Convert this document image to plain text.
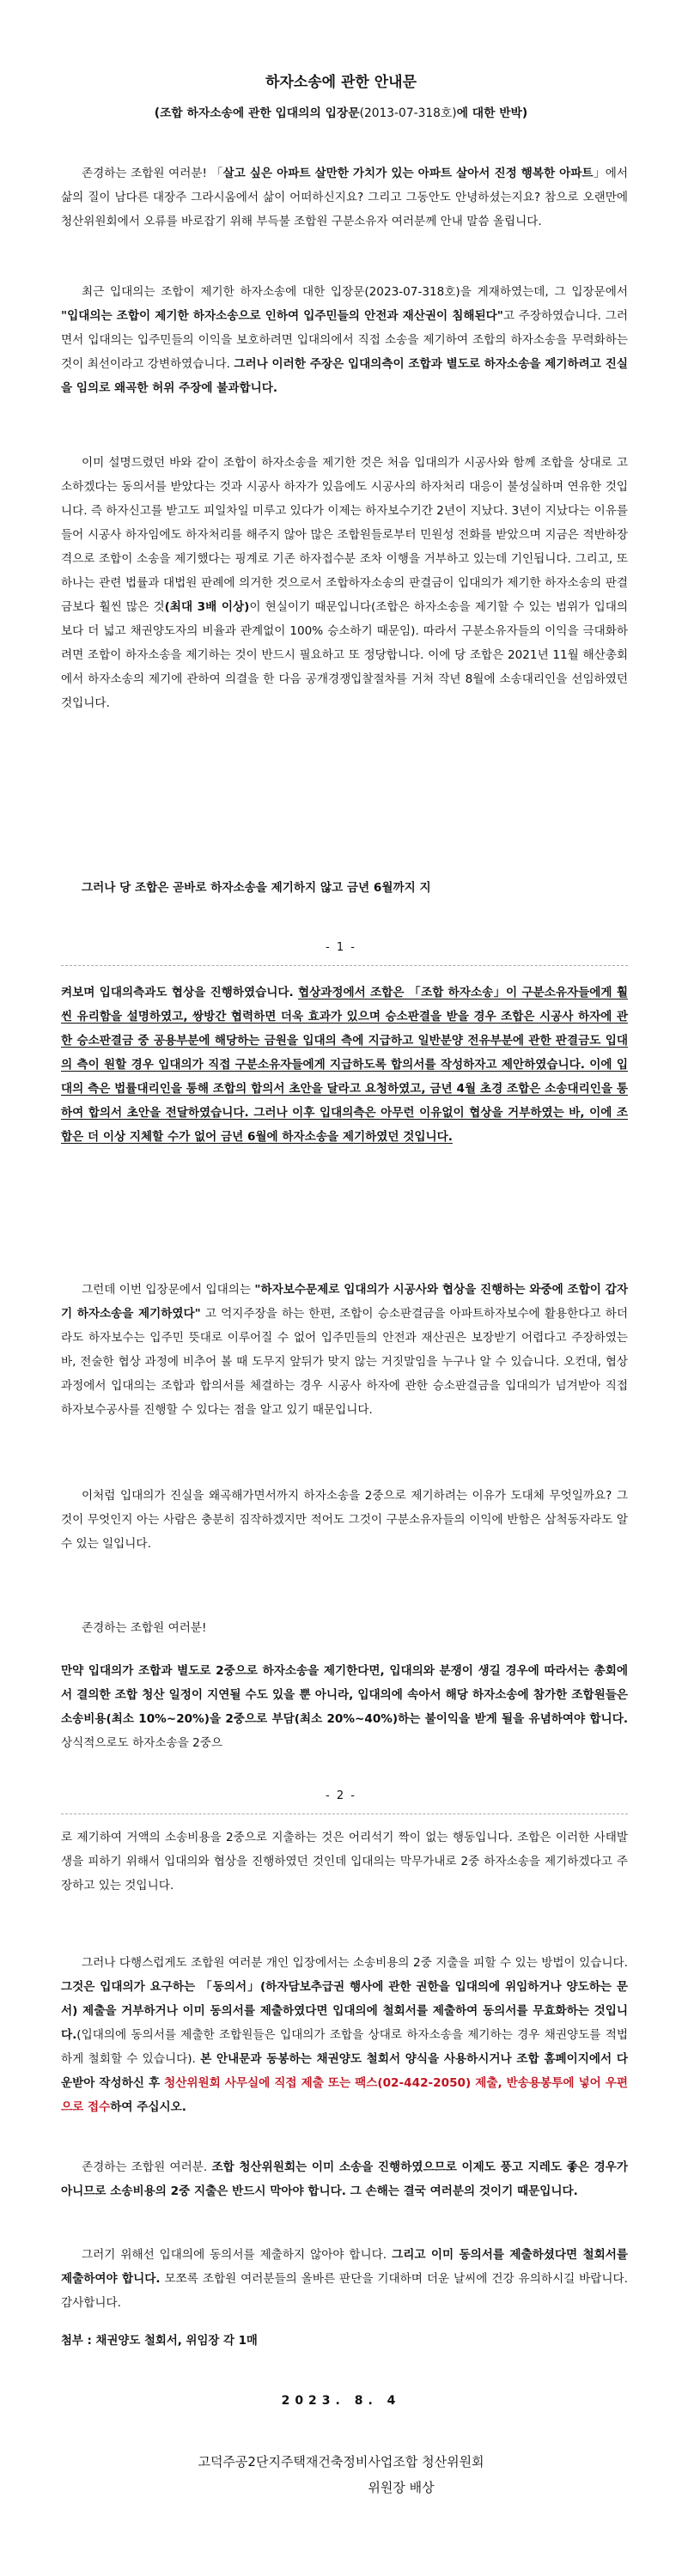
하자소송에 관한 안내문
(조합 하자소송에 관한 입대의의 입장문(2013-07-318호)에 대한 반박)

존경하는 조합원 여러분! 「살고 싶은 아파트 살만한 가치가 있는 아파트 살아서 진정 행복한 아파트」에서 삶의 질이 남다른 대장주 그라시움에서 삶이 어떠하신지요? 그리고 그동안도 안녕하셨는지요? 참으로 오랜만에 청산위원회에서 오류를 바로잡기 위해 부득불 조합원 구분소유자 여러분께 안내 말씀 올립니다.

최근 입대의는 조합이 제기한 하자소송에 대한 입장문(2023-07-318호)을 게재하였는데, 그 입장문에서 "입대의는 조합이 제기한 하자소송으로 인하여 입주민들의 안전과 재산권이 침해된다"고 주장하였습니다. 그러면서 입대의는 입주민들의 이익을 보호하려면 입대의에서 직접 소송을 제기하여 조합의 하자소송을 무력화하는 것이 최선이라고 강변하였습니다. 그러나 이러한 주장은 입대의측이 조합과 별도로 하자소송을 제기하려고 진실을 임의로 왜곡한 허위 주장에 불과합니다.

이미 설명드렸던 바와 같이 조합이 하자소송을 제기한 것은 처음 입대의가 시공사와 함께 조합을 상대로 고소하겠다는 동의서를 받았다는 것과 시공사 하자가 있음에도 시공사의 하자처리 대응이 불성실하며 연유한 것입니다. 즉 하자신고를 받고도 피일차일 미루고 있다가 이제는 하자보수기간 2년이 지났다. 3년이 지났다는 이유를 들어 시공사 하자임에도 하자처리를 해주지 않아 많은 조합원들로부터 민원성 전화를 받았으며 지금은 적반하장격으로 조합이 소송을 제기했다는 핑계로 기존 하자접수분 조차 이행을 거부하고 있는데 기인됩니다. 그리고, 또 하나는 관련 법률과 대법원 판례에 의거한 것으로서 조합하자소송의 판결금이 입대의가 제기한 하자소송의 판결금보다 훨씬 많은 것(최대 3배 이상)이 현실이기 때문입니다(조합은 하자소송을 제기할 수 있는 범위가 입대의 보다 더 넓고 채권양도자의 비율과 관계없이 100% 승소하기 때문임). 따라서 구분소유자들의 이익을 극대화하려면 조합이 하자소송을 제기하는 것이 반드시 필요하고 또 정당합니다. 이에 당 조합은 2021년 11월 해산총회에서 하자소송의 제기에 관하여 의결을 한 다음 공개경쟁입찰절차를 거쳐 작년 8월에 소송대리인을 선임하였던 것입니다.

그러나 당 조합은 곧바로 하자소송을 제기하지 않고 금년 6월까지 지

- 1 -

켜보며 입대의측과도 협상을 진행하였습니다. 협상과정에서 조합은 「조합 하자소송」이 구분소유자들에게 훨씬 유리함을 설명하였고, 쌍방간 협력하면 더욱 효과가 있으며 승소판결을 받을 경우 조합은 시공사 하자에 관한 승소판결금 중 공용부분에 해당하는 금원을 입대의 측에 지급하고 일반분양 전유부분에 관한 판결금도 입대의 측이 원할 경우 입대의가 직접 구분소유자들에게 지급하도록 합의서를 작성하자고 제안하였습니다. 이에 입대의 측은 법률대리인을 통해 조합의 합의서 초안을 달라고 요청하였고, 금년 4월 초경 조합은 소송대리인을 통하여 합의서 초안을 전달하였습니다. 그러나 이후 입대의측은 아무런 이유없이 협상을 거부하였는 바, 이에 조합은 더 이상 지체할 수가 없어 금년 6월에 하자소송을 제기하였던 것입니다.

그런데 이번 입장문에서 입대의는 "하자보수문제로 입대의가 시공사와 협상을 진행하는 와중에 조합이 갑자기 하자소송을 제기하였다" 고 억지주장을 하는 한편, 조합이 승소판결금을 아파트하자보수에 활용한다고 하더라도 하자보수는 입주민 뜻대로 이루어질 수 없어 입주민들의 안전과 재산권은 보장받기 어렵다고 주장하였는바, 전술한 협상 과정에 비추어 볼 때 도무지 앞뒤가 맞지 않는 거짓말임을 누구나 알 수 있습니다. 오컨대, 협상 과정에서 입대의는 조합과 합의서를 체결하는 경우 시공사 하자에 관한 승소판결금을 입대의가 넘겨받아 직접 하자보수공사를 진행할 수 있다는 점을 알고 있기 때문입니다.

이처럼 입대의가 진실을 왜곡해가면서까지 하자소송을 2중으로 제기하려는 이유가 도대체 무엇일까요? 그것이 무엇인지 아는 사람은 충분히 짐작하겠지만 적어도 그것이 구분소유자들의 이익에 반함은 삼척동자라도 알 수 있는 일입니다.

존경하는 조합원 여러분!

만약 입대의가 조합과 별도로 2중으로 하자소송을 제기한다면, 입대의와 분쟁이 생길 경우에 따라서는 총회에서 결의한 조합 청산 일정이 지연될 수도 있을 뿐 아니라, 입대의에 속아서 해당 하자소송에 참가한 조합원들은 소송비용(최소 10%~20%)을 2중으로 부담(최소 20%~40%)하는 불이익을 받게 될을 유념하여야 합니다. 상식적으로도 하자소송을 2중으

- 2 -

로 제기하여 거액의 소송비용을 2중으로 지출하는 것은 어리석기 짝이 없는 행동입니다. 조합은 이러한 사태발생을 피하기 위해서 입대의와 협상을 진행하였던 것인데 입대의는 막무가내로 2중 하자소송을 제기하겠다고 주장하고 있는 것입니다.

그러나 다행스럽게도 조합원 여러분 개인 입장에서는 소송비용의 2중 지출을 피할 수 있는 방법이 있습니다. 그것은 입대의가 요구하는 「동의서」(하자담보추급권 행사에 관한 권한을 입대의에 위임하거나 양도하는 문서) 제출을 거부하거나 이미 동의서를 제출하였다면 입대의에 철회서를 제출하여 동의서를 무효화하는 것입니다.(입대의에 동의서를 제출한 조합원들은 입대의가 조합을 상대로 하자소송을 제기하는 경우 채권양도를 적법하게 철회할 수 있습니다). 본 안내문과 동봉하는 채권양도 철회서 양식을 사용하시거나 조합 홈페이지에서 다운받아 작성하신 후 청산위원회 사무실에 직접 제출 또는 팩스(02-442-2050) 제출, 반송용봉투에 넣어 우편으로 접수하여 주십시오.

존경하는 조합원 여러분. 조합 청산위원회는 이미 소송을 진행하였으므로 이제도 풍고 지레도 좋은 경우가 아니므로 소송비용의 2중 지출은 반드시 막아야 합니다. 그 손해는 결국 여러분의 것이기 때문입니다.

그러기 위해선 입대의에 동의서를 제출하지 않아야 합니다. 그리고 이미 동의서를 제출하셨다면 철회서를 제출하여야 합니다. 모쪼록 조합원 여러분들의 올바른 판단을 기대하며 더운 날씨에 건강 유의하시길 바랍니다. 감사합니다.

첨부 : 채권양도 철회서, 위임장 각 1매
2023. 8. 4
고덕주공2단지주택재건축정비사업조합 청산위원회
위원장 배상
